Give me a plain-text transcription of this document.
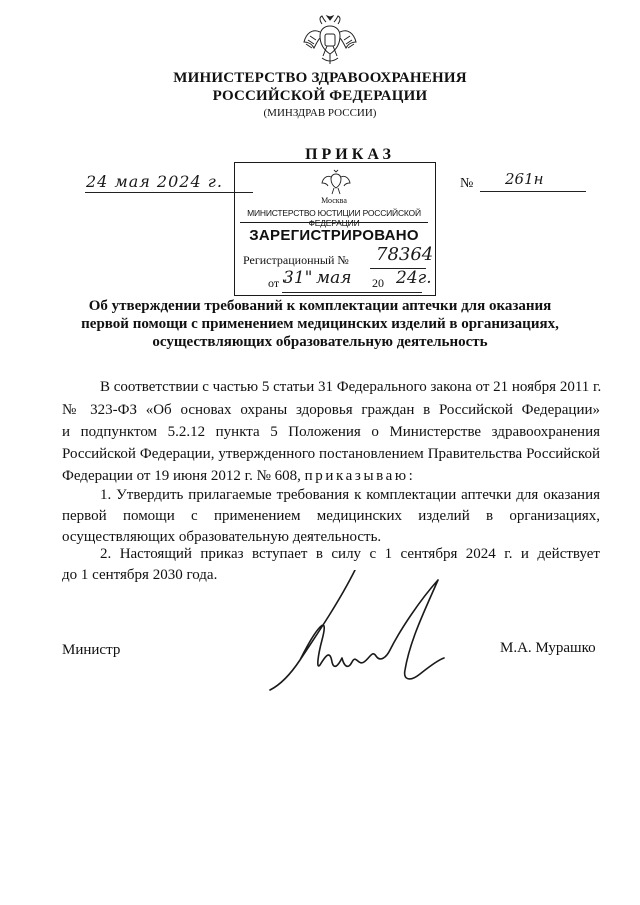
МИНИСТЕРСТВО ЗДРАВООХРАНЕНИЯ
РОССИЙСКОЙ ФЕДЕРАЦИИ
(МИНЗДРАВ РОССИИ)
ПРИКАЗ
24 мая 2024 г.	№ 261н
Москва
МИНИСТЕРСТВО ЮСТИЦИИ РОССИЙСКОЙ ФЕДЕРАЦИИ
ЗАРЕГИСТРИРОВАНО
Регистрационный № 78364
от "
31" мая 20 24г.
Об утверждении требований к комплектации аптечки для оказания
первой помощи с применением медицинских изделий в организациях,
осуществляющих образовательную деятельность
В соответствии с частью 5 статьи 31 Федерального закона от 21 ноября 2011 г.
№ 323-ФЗ «Об основах охраны здоровья граждан в Российской Федерации»
и подпунктом 5.2.12 пункта 5 Положения о Министерстве здравоохранения
Российской Федерации, утвержденного постановлением Правительства Российской
Федерации от 19 июня 2012 г. № 608, приказываю:
1. Утвердить прилагаемые требования к комплектации аптечки для оказания
первой помощи с применением медицинских изделий в организациях,
осуществляющих образовательную деятельность.
2. Настоящий приказ вступает в силу с 1 сентября 2024 г. и действует
до 1 сентября 2030 года.
Министр	М.А. Мурашко
